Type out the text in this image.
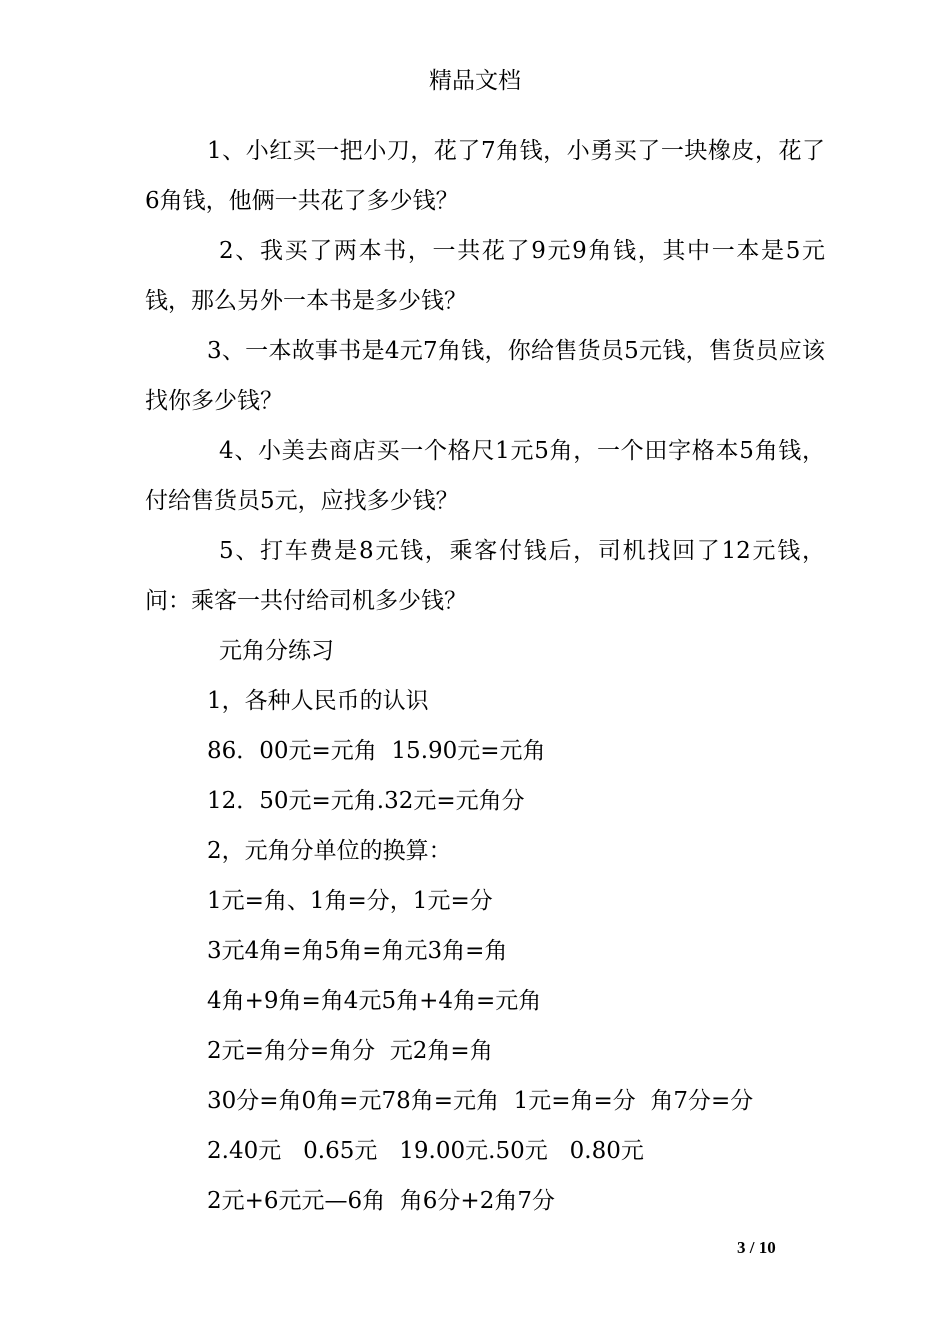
精品文档

1、小红买一把小刀，花了7角钱，小勇买了一块橡皮，花了6角钱，他俩一共花了多少钱？

2、我买了两本书，一共花了9元9角钱，其中一本是5元钱，那么另外一本书是多少钱？

3、一本故事书是4元7角钱，你给售货员5元钱，售货员应该找你多少钱？

4、小美去商店买一个格尺1元5角，一个田字格本5角钱，付给售货员5元，应找多少钱？

5、打车费是8元钱，乘客付钱后，司机找回了12元钱，问：乘客一共付给司机多少钱？

元角分练习

1，各种人民币的认识

86．00元=元角  15.90元=元角

12．50元=元角.32元=元角分

2，元角分单位的换算：

1元=角、1角=分，1元=分

3元4角=角5角=角元3角=角

4角+9角=角4元5角+4角=元角

2元=角分=角分  元2角=角

30分=角0角=元78角=元角  1元=角=分  角7分=分

2.40元   0.65元   19.00元.50元   0.80元

2元+6元元—6角  角6分+2角7分

3 / 10
